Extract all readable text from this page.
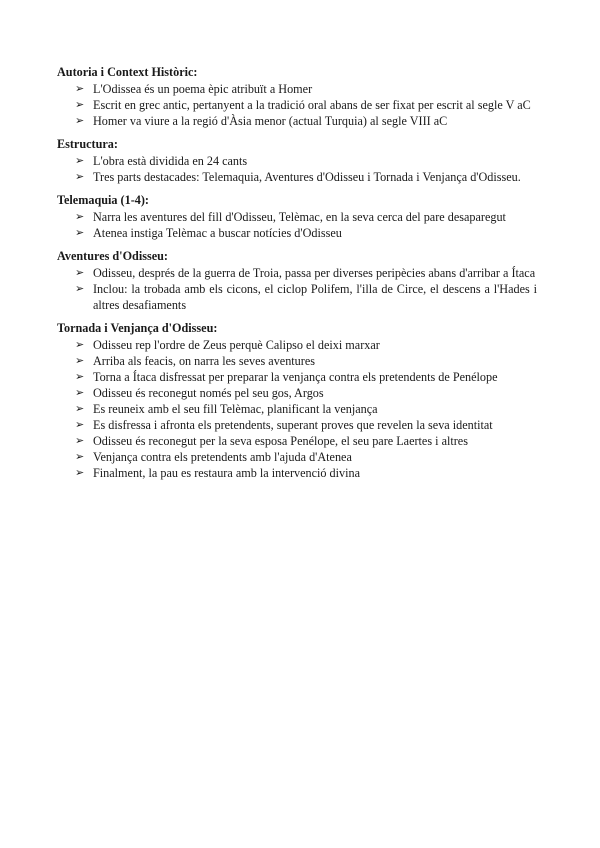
Autoria i Context Històric:
➢ L'Odissea és un poema èpic atribuït a Homer
➢ Escrit en grec antic, pertanyent a la tradició oral abans de ser fixat per escrit al segle V aC
➢ Homer va viure a la regió d'Àsia menor (actual Turquia) al segle VIII aC
Estructura:
➢ L'obra està dividida en 24 cants
➢ Tres parts destacades: Telemaquia, Aventures d'Odisseu i Tornada i Venjança d'Odisseu.
Telemaquia (1-4):
➢ Narra les aventures del fill d'Odisseu, Telèmac, en la seva cerca del pare desaparegut
➢ Atenea instiga Telèmac a buscar notícies d'Odisseu
Aventures d'Odisseu:
➢ Odisseu, després de la guerra de Troia, passa per diverses peripècies abans d'arribar a Ítaca
➢ Inclou: la trobada amb els cicons, el ciclop Polifem, l'illa de Circe, el descens a l'Hades i altres desafiaments
Tornada i Venjança d'Odisseu:
➢ Odisseu rep l'ordre de Zeus perquè Calipso el deixi marxar
➢ Arriba als feacis, on narra les seves aventures
➢ Torna a Ítaca disfressat per preparar la venjança contra els pretendents de Penélope
➢ Odisseu és reconegut només pel seu gos, Argos
➢ Es reuneix amb el seu fill Telèmac, planificant la venjança
➢ Es disfressa i afronta els pretendents, superant proves que revelen la seva identitat
➢ Odisseu és reconegut per la seva esposa Penélope, el seu pare Laertes i altres
➢ Venjança contra els pretendents amb l'ajuda d'Atenea
➢ Finalment, la pau es restaura amb la intervenció divina
